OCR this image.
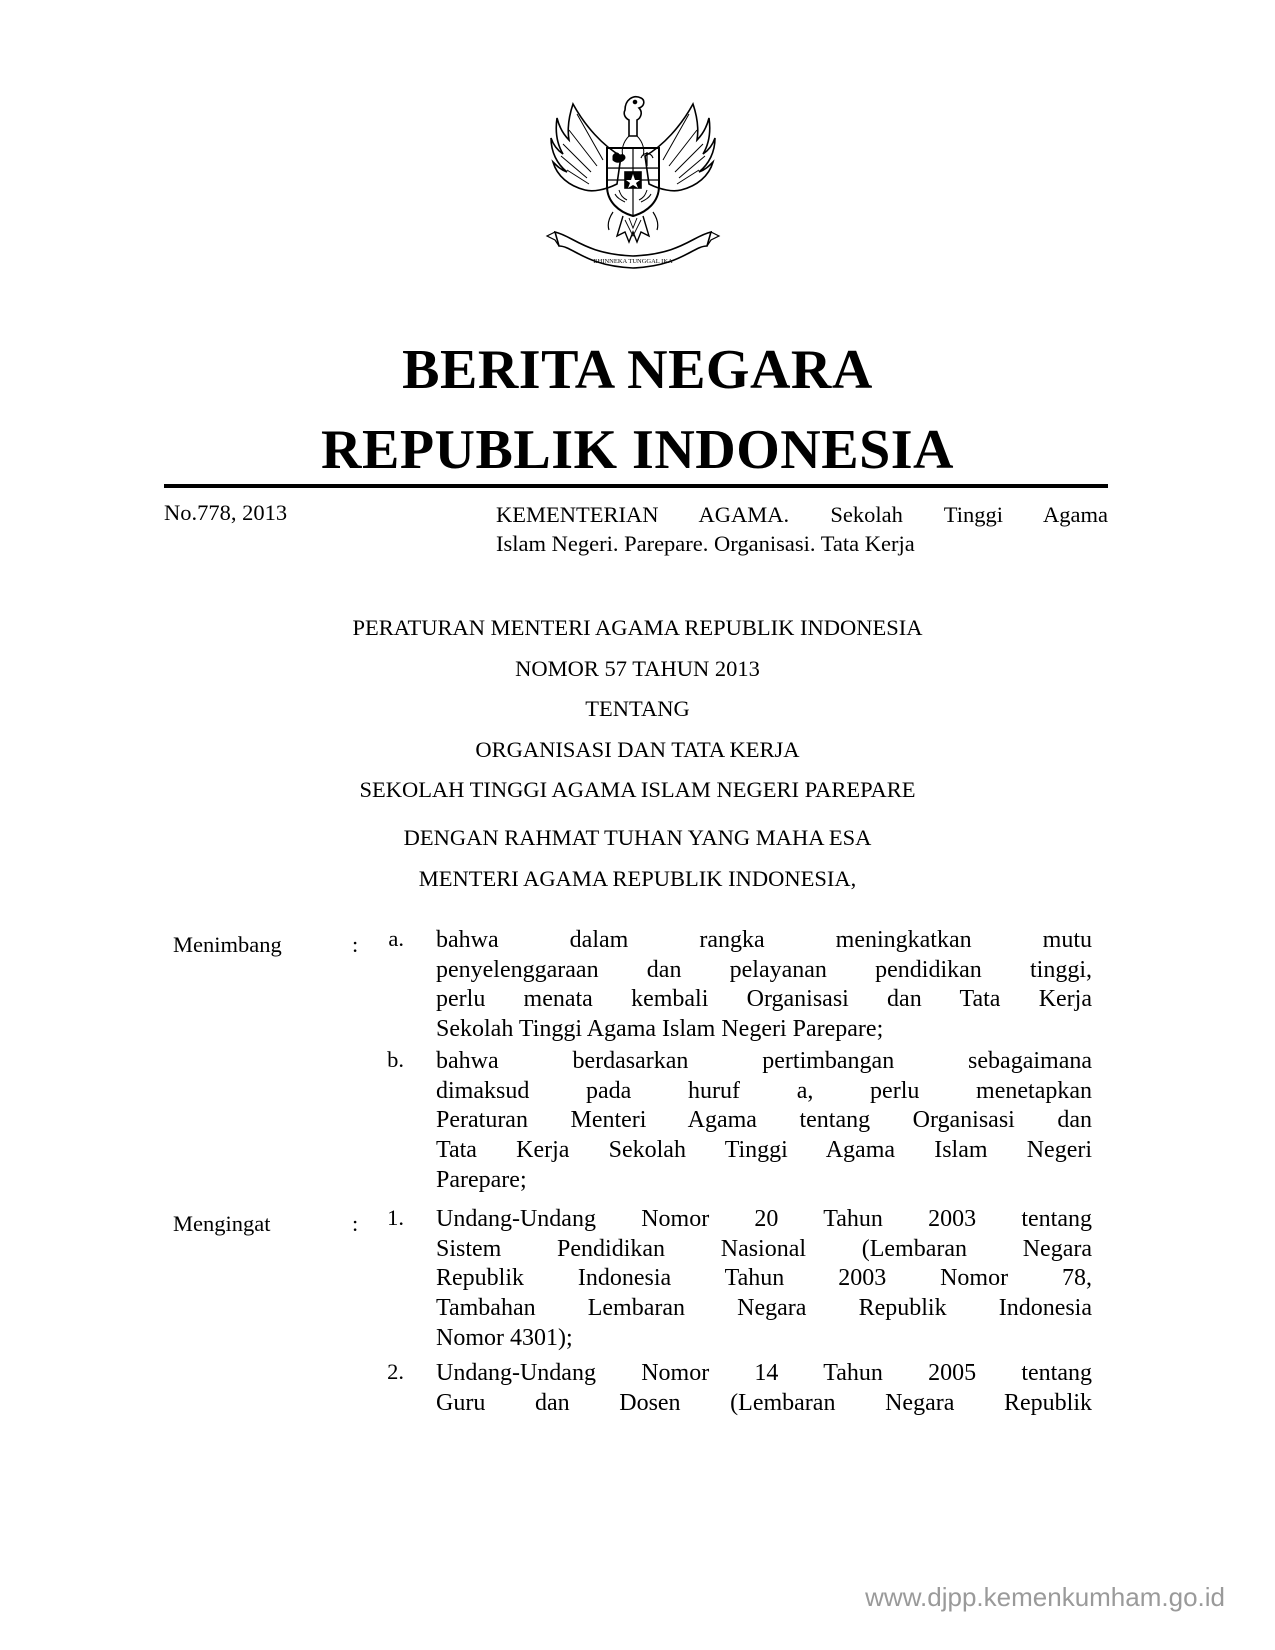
BHINNEKA TUNGGAL IKA
BERITA NEGARA
REPUBLIK INDONESIA
No.778, 2013	KEMENTERIAN AGAMA. Sekolah Tinggi Agama
Islam Negeri. Parepare. Organisasi. Tata Kerja
PERATURAN MENTERI AGAMA REPUBLIK INDONESIA
NOMOR 57 TAHUN 2013
TENTANG
ORGANISASI DAN TATA KERJA
SEKOLAH TINGGI AGAMA ISLAM NEGERI PAREPARE
DENGAN RAHMAT TUHAN YANG MAHA ESA
MENTERI AGAMA REPUBLIK INDONESIA,
Menimbang	:	a. bahwa dalam rangka meningkatkan mutu
penyelenggaraan dan pelayanan pendidikan tinggi,
perlu menata kembali Organisasi dan Tata Kerja
Sekolah Tinggi Agama Islam Negeri Parepare;
b. bahwa berdasarkan pertimbangan sebagaimana
dimaksud pada huruf a, perlu menetapkan
Peraturan Menteri Agama tentang Organisasi dan
Tata Kerja Sekolah Tinggi Agama Islam Negeri
Parepare;
Mengingat	:	1. Undang-Undang Nomor 20 Tahun 2003 tentang
Sistem Pendidikan Nasional (Lembaran Negara
Republik Indonesia Tahun 2003 Nomor 78,
Tambahan Lembaran Negara Republik Indonesia
Nomor 4301);
2. Undang-Undang Nomor 14 Tahun 2005 tentang
Guru dan Dosen (Lembaran Negara Republik
www.djpp.kemenkumham.go.id
